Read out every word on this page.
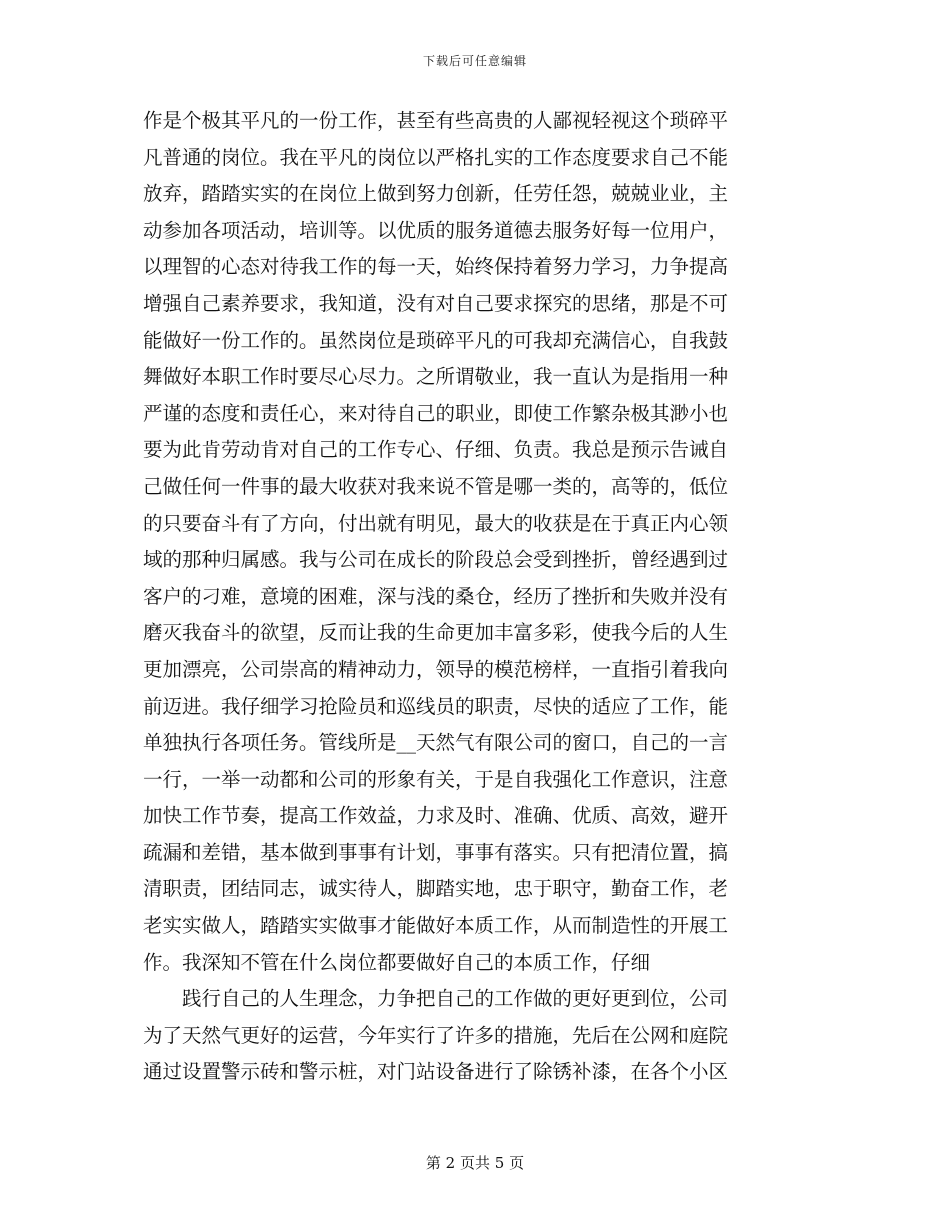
下载后可任意编辑
作是个极其平凡的一份工作，甚至有些高贵的人鄙视轻视这个琐碎平
凡普通的岗位。我在平凡的岗位以严格扎实的工作态度要求自己不能
放弃，踏踏实实的在岗位上做到努力创新，任劳任怨，兢兢业业，主
动参加各项活动，培训等。以优质的服务道德去服务好每一位用户，
以理智的心态对待我工作的每一天，始终保持着努力学习，力争提高
增强自己素养要求，我知道，没有对自己要求探究的思绪，那是不可
能做好一份工作的。虽然岗位是琐碎平凡的可我却充满信心，自我鼓
舞做好本职工作时要尽心尽力。之所谓敬业，我一直认为是指用一种
严谨的态度和责任心，来对待自己的职业，即使工作繁杂极其渺小也
要为此肯劳动肯对自己的工作专心、仔细、负责。我总是预示告诫自
己做任何一件事的最大收获对我来说不管是哪一类的，高等的，低位
的只要奋斗有了方向，付出就有明见，最大的收获是在于真正内心领
域的那种归属感。我与公司在成长的阶段总会受到挫折，曾经遇到过
客户的刁难，意境的困难，深与浅的桑仓，经历了挫折和失败并没有
磨灭我奋斗的欲望，反而让我的生命更加丰富多彩，使我今后的人生
更加漂亮，公司崇高的精神动力，领导的模范榜样，一直指引着我向
前迈进。我仔细学习抢险员和巡线员的职责，尽快的适应了工作，能
单独执行各项任务。管线所是__天然气有限公司的窗口，自己的一言
一行，一举一动都和公司的形象有关，于是自我强化工作意识，注意
加快工作节奏，提高工作效益，力求及时、准确、优质、高效，避开
疏漏和差错，基本做到事事有计划，事事有落实。只有把清位置，搞
清职责，团结同志，诚实待人，脚踏实地，忠于职守，勤奋工作，老
老实实做人，踏踏实实做事才能做好本质工作，从而制造性的开展工
作。我深知不管在什么岗位都要做好自己的本质工作，仔细
践行自己的人生理念，力争把自己的工作做的更好更到位，公司
为了天然气更好的运营，今年实行了许多的措施，先后在公网和庭院
通过设置警示砖和警示桩，对门站设备进行了除锈补漆，在各个小区
第 2 页共 5 页
